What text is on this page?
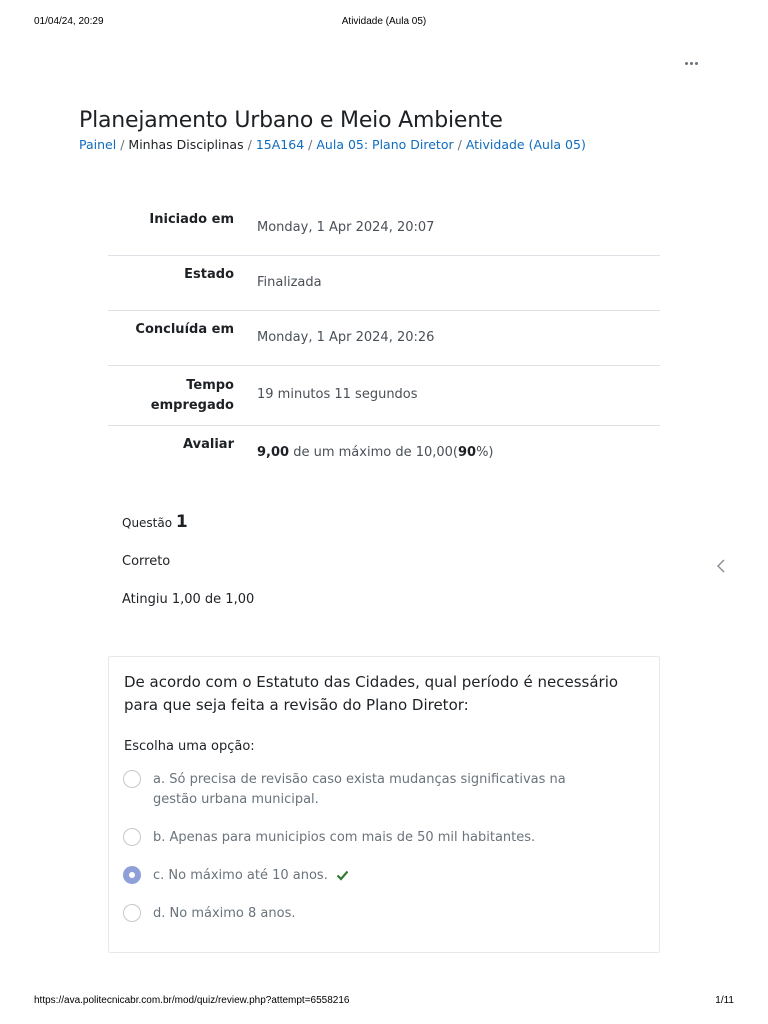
01/04/24, 20:29	Atividade (Aula 05)
Planejamento Urbano e Meio Ambiente
Painel / Minhas Disciplinas / 15A164 / Aula 05: Plano Diretor / Atividade (Aula 05)
Iniciado em
Monday, 1 Apr 2024, 20:07
Estado
Finalizada
Concluída em
Monday, 1 Apr 2024, 20:26
Tempo
empregado
19 minutos 11 segundos
Avaliar
9,00 de um máximo de 10,00(90%)
Questão 1
Correto
Atingiu 1,00 de 1,00
De acordo com o Estatuto das Cidades, qual período é necessário para que seja feita a revisão do Plano Diretor:
Escolha uma opção:
a. Só precisa de revisão caso exista mudanças significativas na
gestão urbana municipal.
b. Apenas para municipios com mais de 50 mil habitantes.
c. No máximo até 10 anos.
d. No máximo 8 anos.
https://ava.politecnicabr.com.br/mod/quiz/review.php?attempt=6558216	1/11
